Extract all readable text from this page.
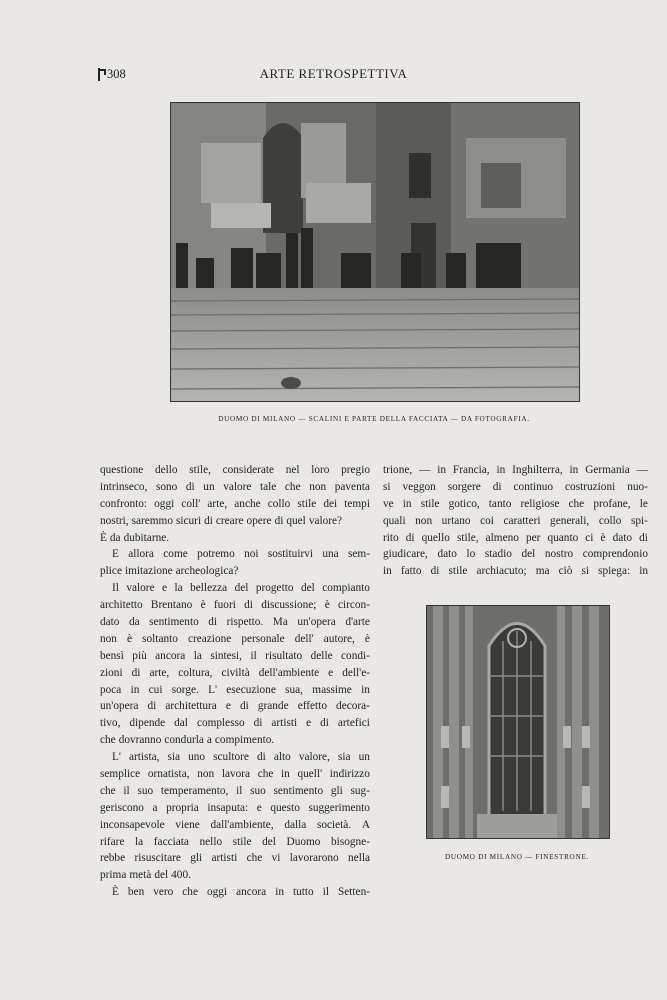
308	ARTE RETROSPETTIVA
DUOMO DI MILANO — SCALINI E PARTE DELLA FACCIATA — DA FOTOGRAFIA.
questione dello stile, considerate nel loro pregio
intrinseco, sono di un valore tale che non paventa
confronto: oggi coll' arte, anche collo stile dei tempi
nostri, saremmo sicuri di creare opere di quel valore?
È da dubitarne.
E allora come potremo noi sostituirvi una sem-
plice imitazione archeologica?
Il valore e la bellezza del progetto del compianto
architetto Brentano è fuori di discussione; è circon-
dato da sentimento di rispetto. Ma un'opera d'arte
non è soltanto creazione personale dell' autore, è
bensì più ancora la sintesi, il risultato delle condi-
zioni di arte, coltura, civiltà dell'ambiente e dell'e-
poca in cui sorge. L' esecuzione sua, massime in
un'opera di architettura e di grande effetto decora-
tivo, dipende dal complesso di artisti e di artefici
che dovranno condurla a compimento.
L' artista, sia uno scultore di alto valore, sia un
semplice ornatista, non lavora che in quell' indirizzo
che il suo temperamento, il suo sentimento gli sug-
geriscono a propria insaputa: e questo suggerimento
inconsapevole viene dall'ambiente, dalla società. A
rifare la facciata nello stile del Duomo bisogne-
rebbe risuscitare gli artisti che vi lavorarono nella
prima metà del 400.
È ben vero che oggi ancora in tutto il Setten-
trione, — in Francia, in Inghilterra, in Germania —
si veggon sorgere di continuo costruzioni nuo-
ve in stile gotico, tanto religiose che profane, le
quali non urtano coi caratteri generali, collo spi-
rito di quello stile, almeno per quanto ci è dato di
giudicare, dato lo stadio del nostro comprendonio
in fatto di stile archiacuto; ma ciò si spiega: in
DUOMO DI MILANO — FINESTRONE.
